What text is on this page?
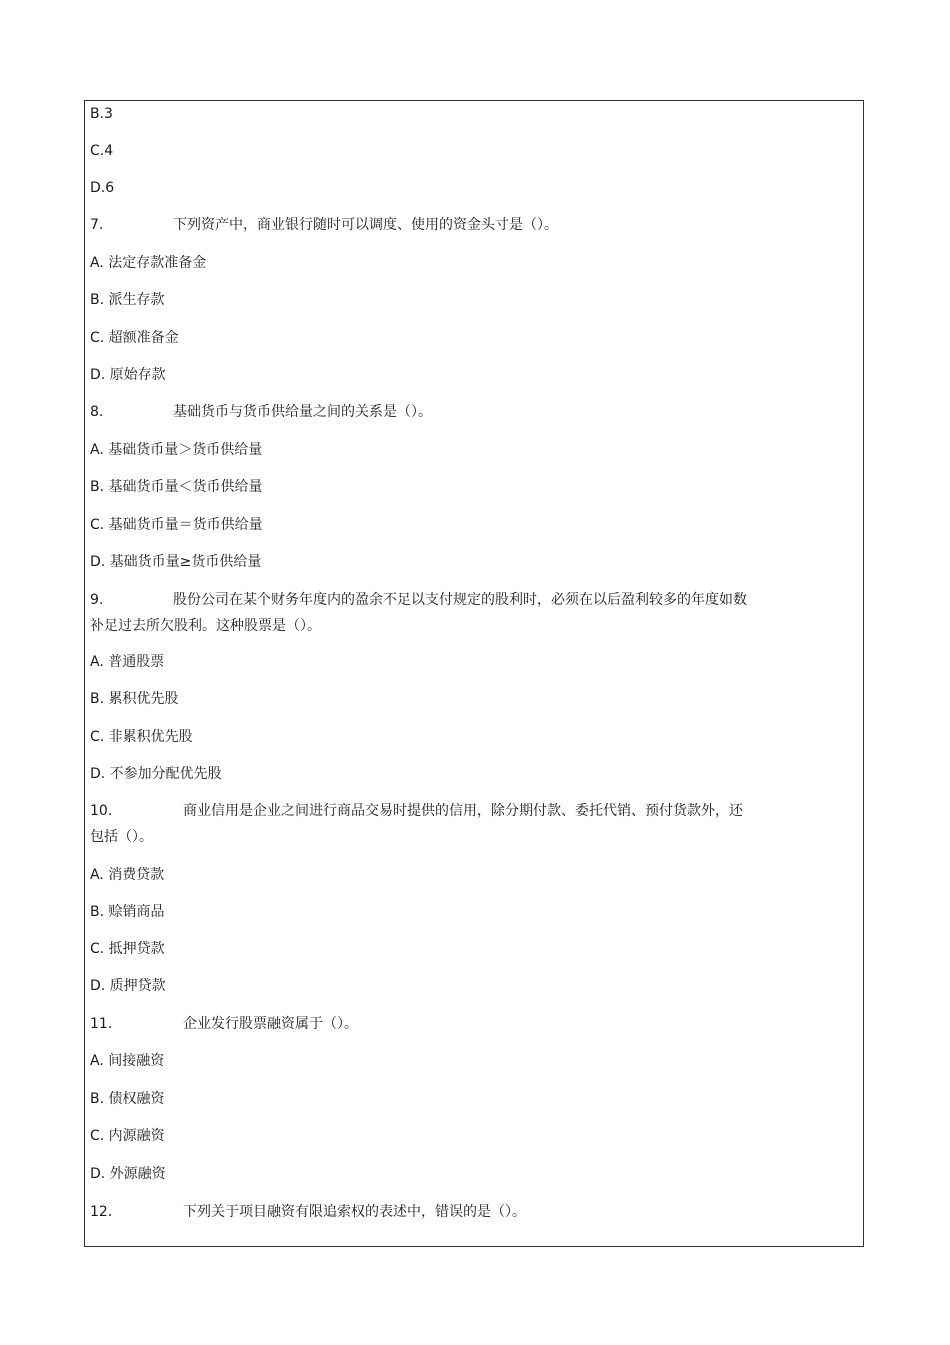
B.3
C.4
D.6
7.	下列资产中，商业银行随时可以调度、使用的资金头寸是（）。
A. 法定存款准备金
B. 派生存款
C. 超额准备金
D. 原始存款
8.	基础货币与货币供给量之间的关系是（）。
A. 基础货币量＞货币供给量
B. 基础货币量＜货币供给量
C. 基础货币量＝货币供给量
D. 基础货币量≥货币供给量
9.	股份公司在某个财务年度内的盈余不足以支付规定的股利时，必须在以后盈利较多的年度如数
补足过去所欠股利。这种股票是（）。
A. 普通股票
B. 累积优先股
C. 非累积优先股
D. 不参加分配优先股
10.	商业信用是企业之间进行商品交易时提供的信用，除分期付款、委托代销、预付货款外，还
包括（）。
A. 消费贷款
B. 赊销商品
C. 抵押贷款
D. 质押贷款
11.	企业发行股票融资属于（）。
A. 间接融资
B. 债权融资
C. 内源融资
D. 外源融资
12.	下列关于项目融资有限追索权的表述中，错误的是（）。
